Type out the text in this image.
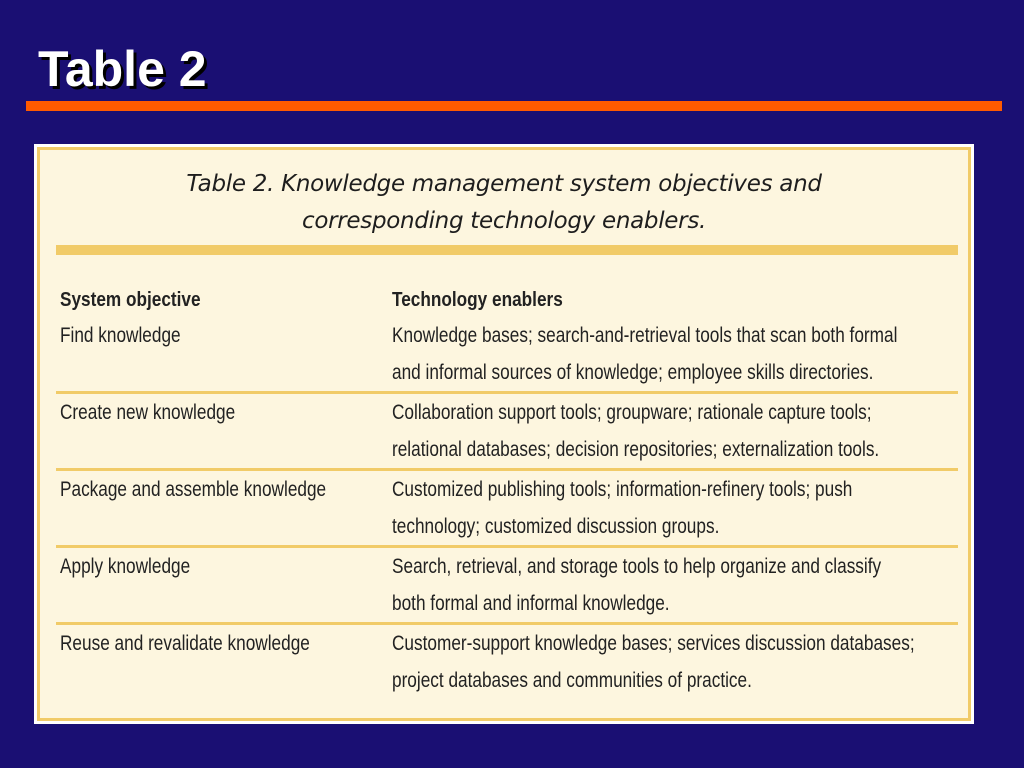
Table 2
Table 2. Knowledge management system objectives and
corresponding technology enablers.
System objective	Technology enablers
Find knowledge	Knowledge bases; search-and-retrieval tools that scan both formal
and informal sources of knowledge; employee skills directories.
Create new knowledge	Collaboration support tools; groupware; rationale capture tools;
relational databases; decision repositories; externalization tools.
Package and assemble knowledge	Customized publishing tools; information-refinery tools; push
technology; customized discussion groups.
Apply knowledge	Search, retrieval, and storage tools to help organize and classify
both formal and informal knowledge.
Reuse and revalidate knowledge	Customer-support knowledge bases; services discussion databases;
project databases and communities of practice.
